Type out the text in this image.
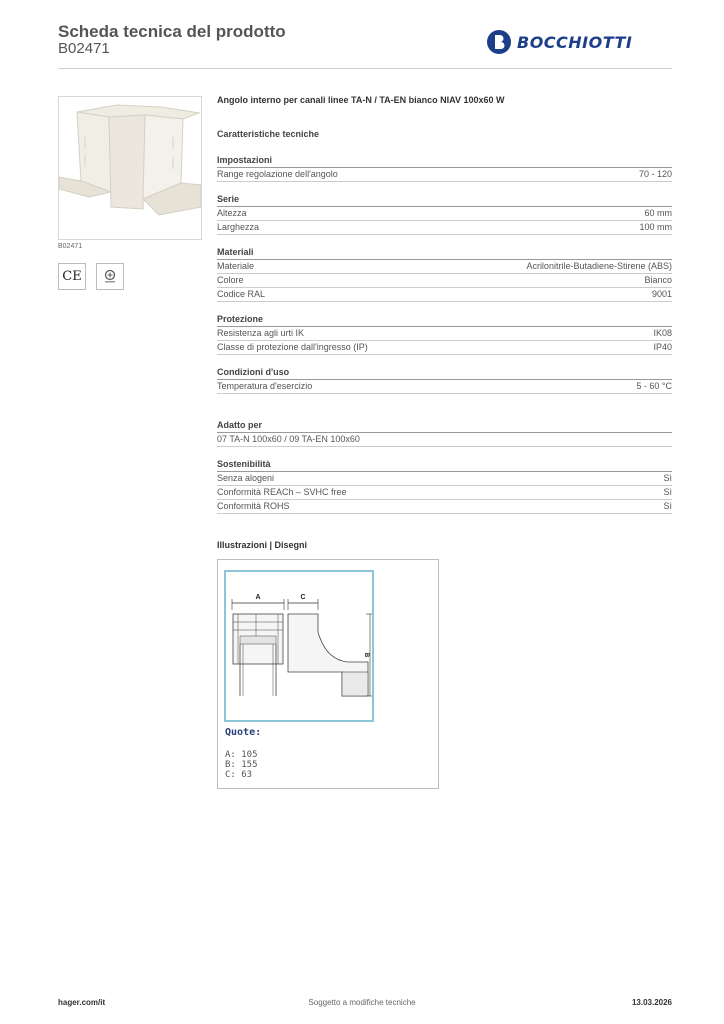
Scheda tecnica del prodotto
B02471	BOCCHIOTTI
B02471
CE
Angolo interno per canali linee TA-N / TA-EN bianco NIAV 100x60 W
Caratteristiche tecniche
Impostazioni
Range regolazione dell'angolo	70 - 120
Serie
Altezza	60 mm
Larghezza	100 mm
Materiali
Materiale	Acrilonitrile-Butadiene-Stirene (ABS)
Colore	Bianco
Codice RAL	9001
Protezione
Resistenza agli urti IK	IK08
Classe di protezione dall'ingresso (IP)	IP40
Condizioni d'uso
Temperatura d'esercizio	5 - 60 °C
Adatto per
07 TA-N 100x60 / 09 TA-EN 100x60
Sostenibilità
Senza alogeni	Sì
Conformità REACh – SVHC free	Sì
Conformità ROHS	Sì
Illustrazioni | Disegni
A	C
B
Quote:
A: 105
B: 155
C: 63
hager.com/it	Soggetto a modifiche tecniche	13.03.2026
